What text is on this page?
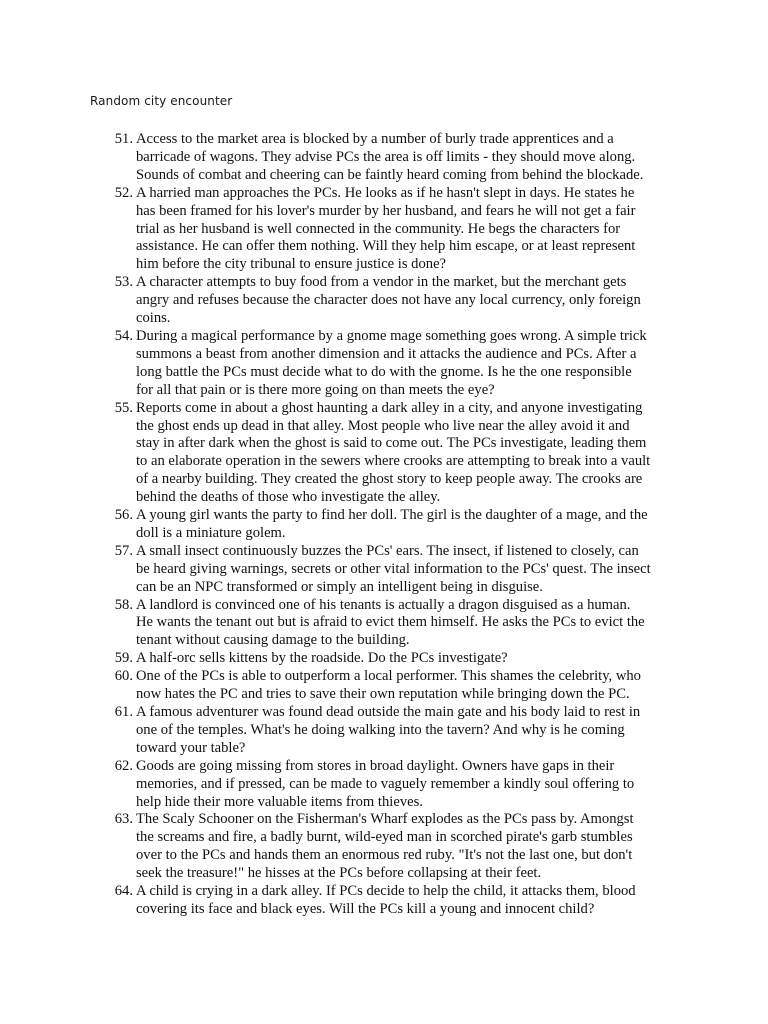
Random city encounter
51. Access to the market area is blocked by a number of burly trade apprentices and a barricade of wagons. They advise PCs the area is off limits - they should move along. Sounds of combat and cheering can be faintly heard coming from behind the blockade.
52. A harried man approaches the PCs. He looks as if he hasn't slept in days. He states he has been framed for his lover's murder by her husband, and fears he will not get a fair trial as her husband is well connected in the community. He begs the characters for assistance. He can offer them nothing. Will they help him escape, or at least represent him before the city tribunal to ensure justice is done?
53. A character attempts to buy food from a vendor in the market, but the merchant gets angry and refuses because the character does not have any local currency, only foreign coins.
54. During a magical performance by a gnome mage something goes wrong. A simple trick summons a beast from another dimension and it attacks the audience and PCs. After a long battle the PCs must decide what to do with the gnome. Is he the one responsible for all that pain or is there more going on than meets the eye?
55. Reports come in about a ghost haunting a dark alley in a city, and anyone investigating the ghost ends up dead in that alley. Most people who live near the alley avoid it and stay in after dark when the ghost is said to come out. The PCs investigate, leading them to an elaborate operation in the sewers where crooks are attempting to break into a vault of a nearby building. They created the ghost story to keep people away. The crooks are behind the deaths of those who investigate the alley.
56. A young girl wants the party to find her doll. The girl is the daughter of a mage, and the doll is a miniature golem.
57. A small insect continuously buzzes the PCs' ears. The insect, if listened to closely, can be heard giving warnings, secrets or other vital information to the PCs' quest. The insect can be an NPC transformed or simply an intelligent being in disguise.
58. A landlord is convinced one of his tenants is actually a dragon disguised as a human. He wants the tenant out but is afraid to evict them himself. He asks the PCs to evict the tenant without causing damage to the building.
59. A half-orc sells kittens by the roadside. Do the PCs investigate?
60. One of the PCs is able to outperform a local performer. This shames the celebrity, who now hates the PC and tries to save their own reputation while bringing down the PC.
61. A famous adventurer was found dead outside the main gate and his body laid to rest in one of the temples. What's he doing walking into the tavern? And why is he coming toward your table?
62. Goods are going missing from stores in broad daylight. Owners have gaps in their memories, and if pressed, can be made to vaguely remember a kindly soul offering to help hide their more valuable items from thieves.
63. The Scaly Schooner on the Fisherman's Wharf explodes as the PCs pass by. Amongst the screams and fire, a badly burnt, wild-eyed man in scorched pirate's garb stumbles over to the PCs and hands them an enormous red ruby. "It's not the last one, but don't seek the treasure!" he hisses at the PCs before collapsing at their feet.
64. A child is crying in a dark alley. If PCs decide to help the child, it attacks them, blood covering its face and black eyes. Will the PCs kill a young and innocent child?
